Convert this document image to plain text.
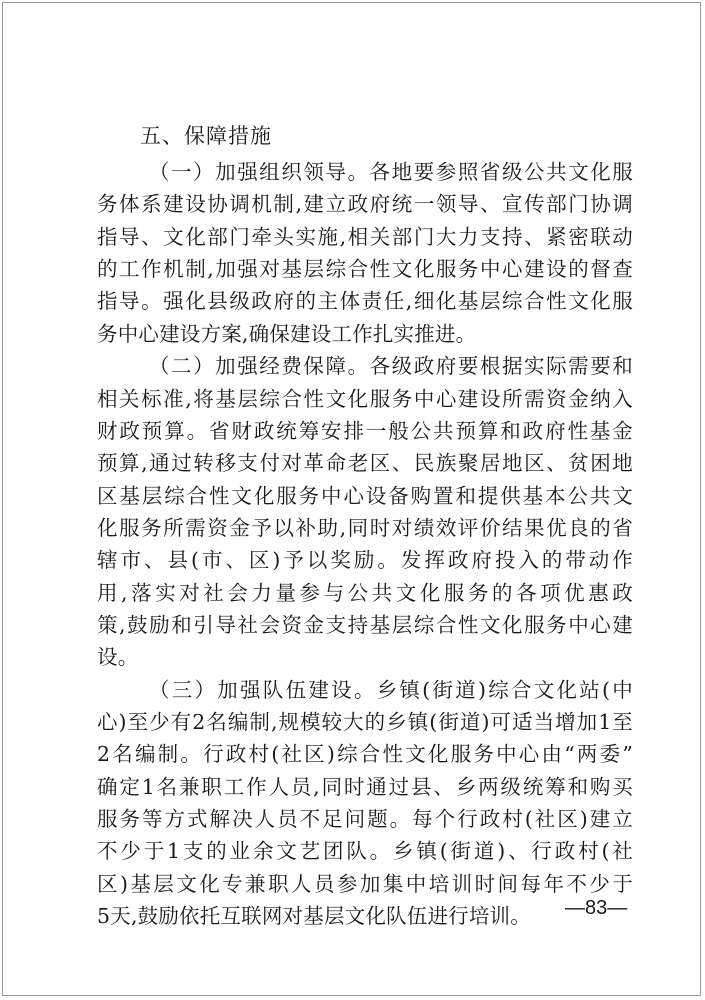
五、保障措施
（一）加强组织领导。各地要参照省级公共文化服
务体系建设协调机制,建立政府统一领导、宣传部门协调
指导、文化部门牵头实施,相关部门大力支持、紧密联动
的工作机制,加强对基层综合性文化服务中心建设的督查
指导。强化县级政府的主体责任,细化基层综合性文化服
务中心建设方案,确保建设工作扎实推进。
（二）加强经费保障。各级政府要根据实际需要和
相关标准,将基层综合性文化服务中心建设所需资金纳入
财政预算。省财政统筹安排一般公共预算和政府性基金
预算,通过转移支付对革命老区、民族聚居地区、贫困地
区基层综合性文化服务中心设备购置和提供基本公共文
化服务所需资金予以补助,同时对绩效评价结果优良的省
辖市、县(市、区)予以奖励。发挥政府投入的带动作
用,落实对社会力量参与公共文化服务的各项优惠政
策,鼓励和引导社会资金支持基层综合性文化服务中心建
设。
（三）加强队伍建设。乡镇(街道)综合文化站(中
心)至少有2名编制,规模较大的乡镇(街道)可适当增加1至
2名编制。行政村(社区)综合性文化服务中心由“两委”
确定1名兼职工作人员,同时通过县、乡两级统筹和购买
服务等方式解决人员不足问题。每个行政村(社区)建立
不少于1支的业余文艺团队。乡镇(街道)、行政村(社
区)基层文化专兼职人员参加集中培训时间每年不少于
5天,鼓励依托互联网对基层文化队伍进行培训。	—83—
